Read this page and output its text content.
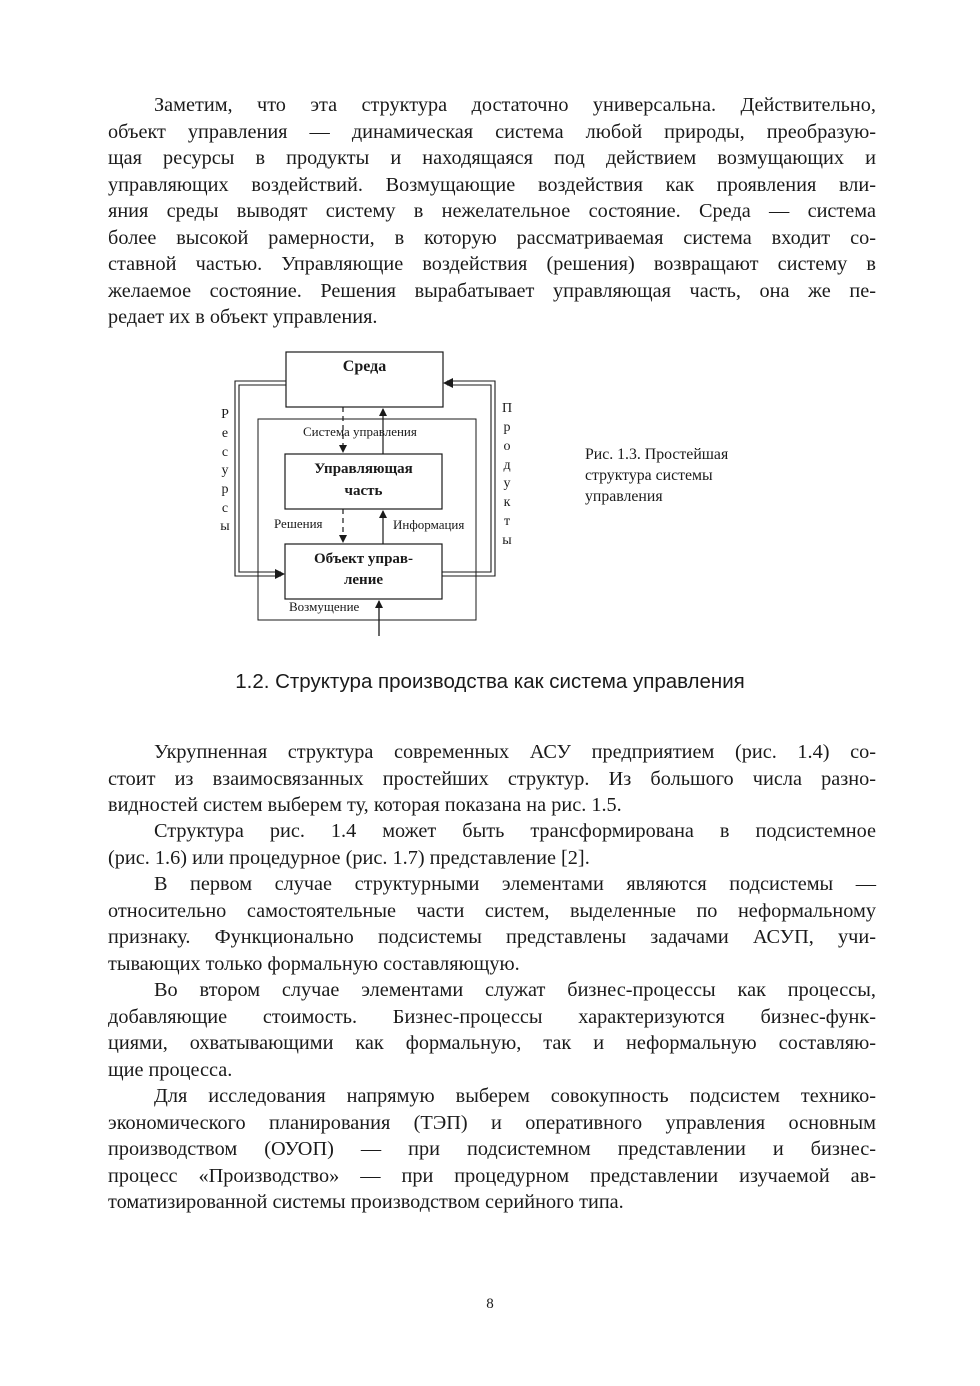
Заметим, что эта структура достаточно универсальна. Действительно,
объект управления — динамическая система любой природы, преобразую-
щая ресурсы в продукты и находящаяся под действием возмущающих и
управляющих воздействий. Возмущающие воздействия как проявления вли-
яния среды выводят систему в нежелательное состояние. Среда — система
более высокой рамерности, в которую рассматриваемая система входит со-
ставной частью. Управляющие воздействия (решения) возвращают систему в
желаемое состояние. Решения вырабатывает управляющая часть, она же пе-
редает их в объект управления.
Среда
Система управления
Управляющая
часть
Объект управ-
ление
Решения	Информация
Возмущение
Р
е
с
у
р
с
ы
П
р
о
д
у
к
т
ы
Рис. 1.3. Простейшая
структура системы
управления
1.2. Структура производства как система управления
Укрупненная структура современных АСУ предприятием (рис. 1.4) со-
стоит из взаимосвязанных простейших структур. Из большого числа разно-
видностей систем выберем ту, которая показана на рис. 1.5.
Структура рис. 1.4 может быть трансформирована в подсистемное
(рис. 1.6) или процедурное (рис. 1.7) представление [2].
В первом случае структурными элементами являются подсистемы —
относительно самостоятельные части систем, выделенные по неформальному
признаку. Функционально подсистемы представлены задачами АСУП, учи-
тывающих только формальную составляющую.
Во втором случае элементами служат бизнес-процессы как процессы,
добавляющие стоимость. Бизнес-процессы характеризуются бизнес-функ-
циями, охватывающими как формальную, так и неформальную составляю-
щие процесса.
Для исследования напрямую выберем совокупность подсистем технико-
экономического планирования (ТЭП) и оперативного управления основным
производством (ОУОП) — при подсистемном представлении и бизнес-
процесс «Производство» — при процедурном представлении изучаемой ав-
томатизированной системы производством серийного типа.
8
